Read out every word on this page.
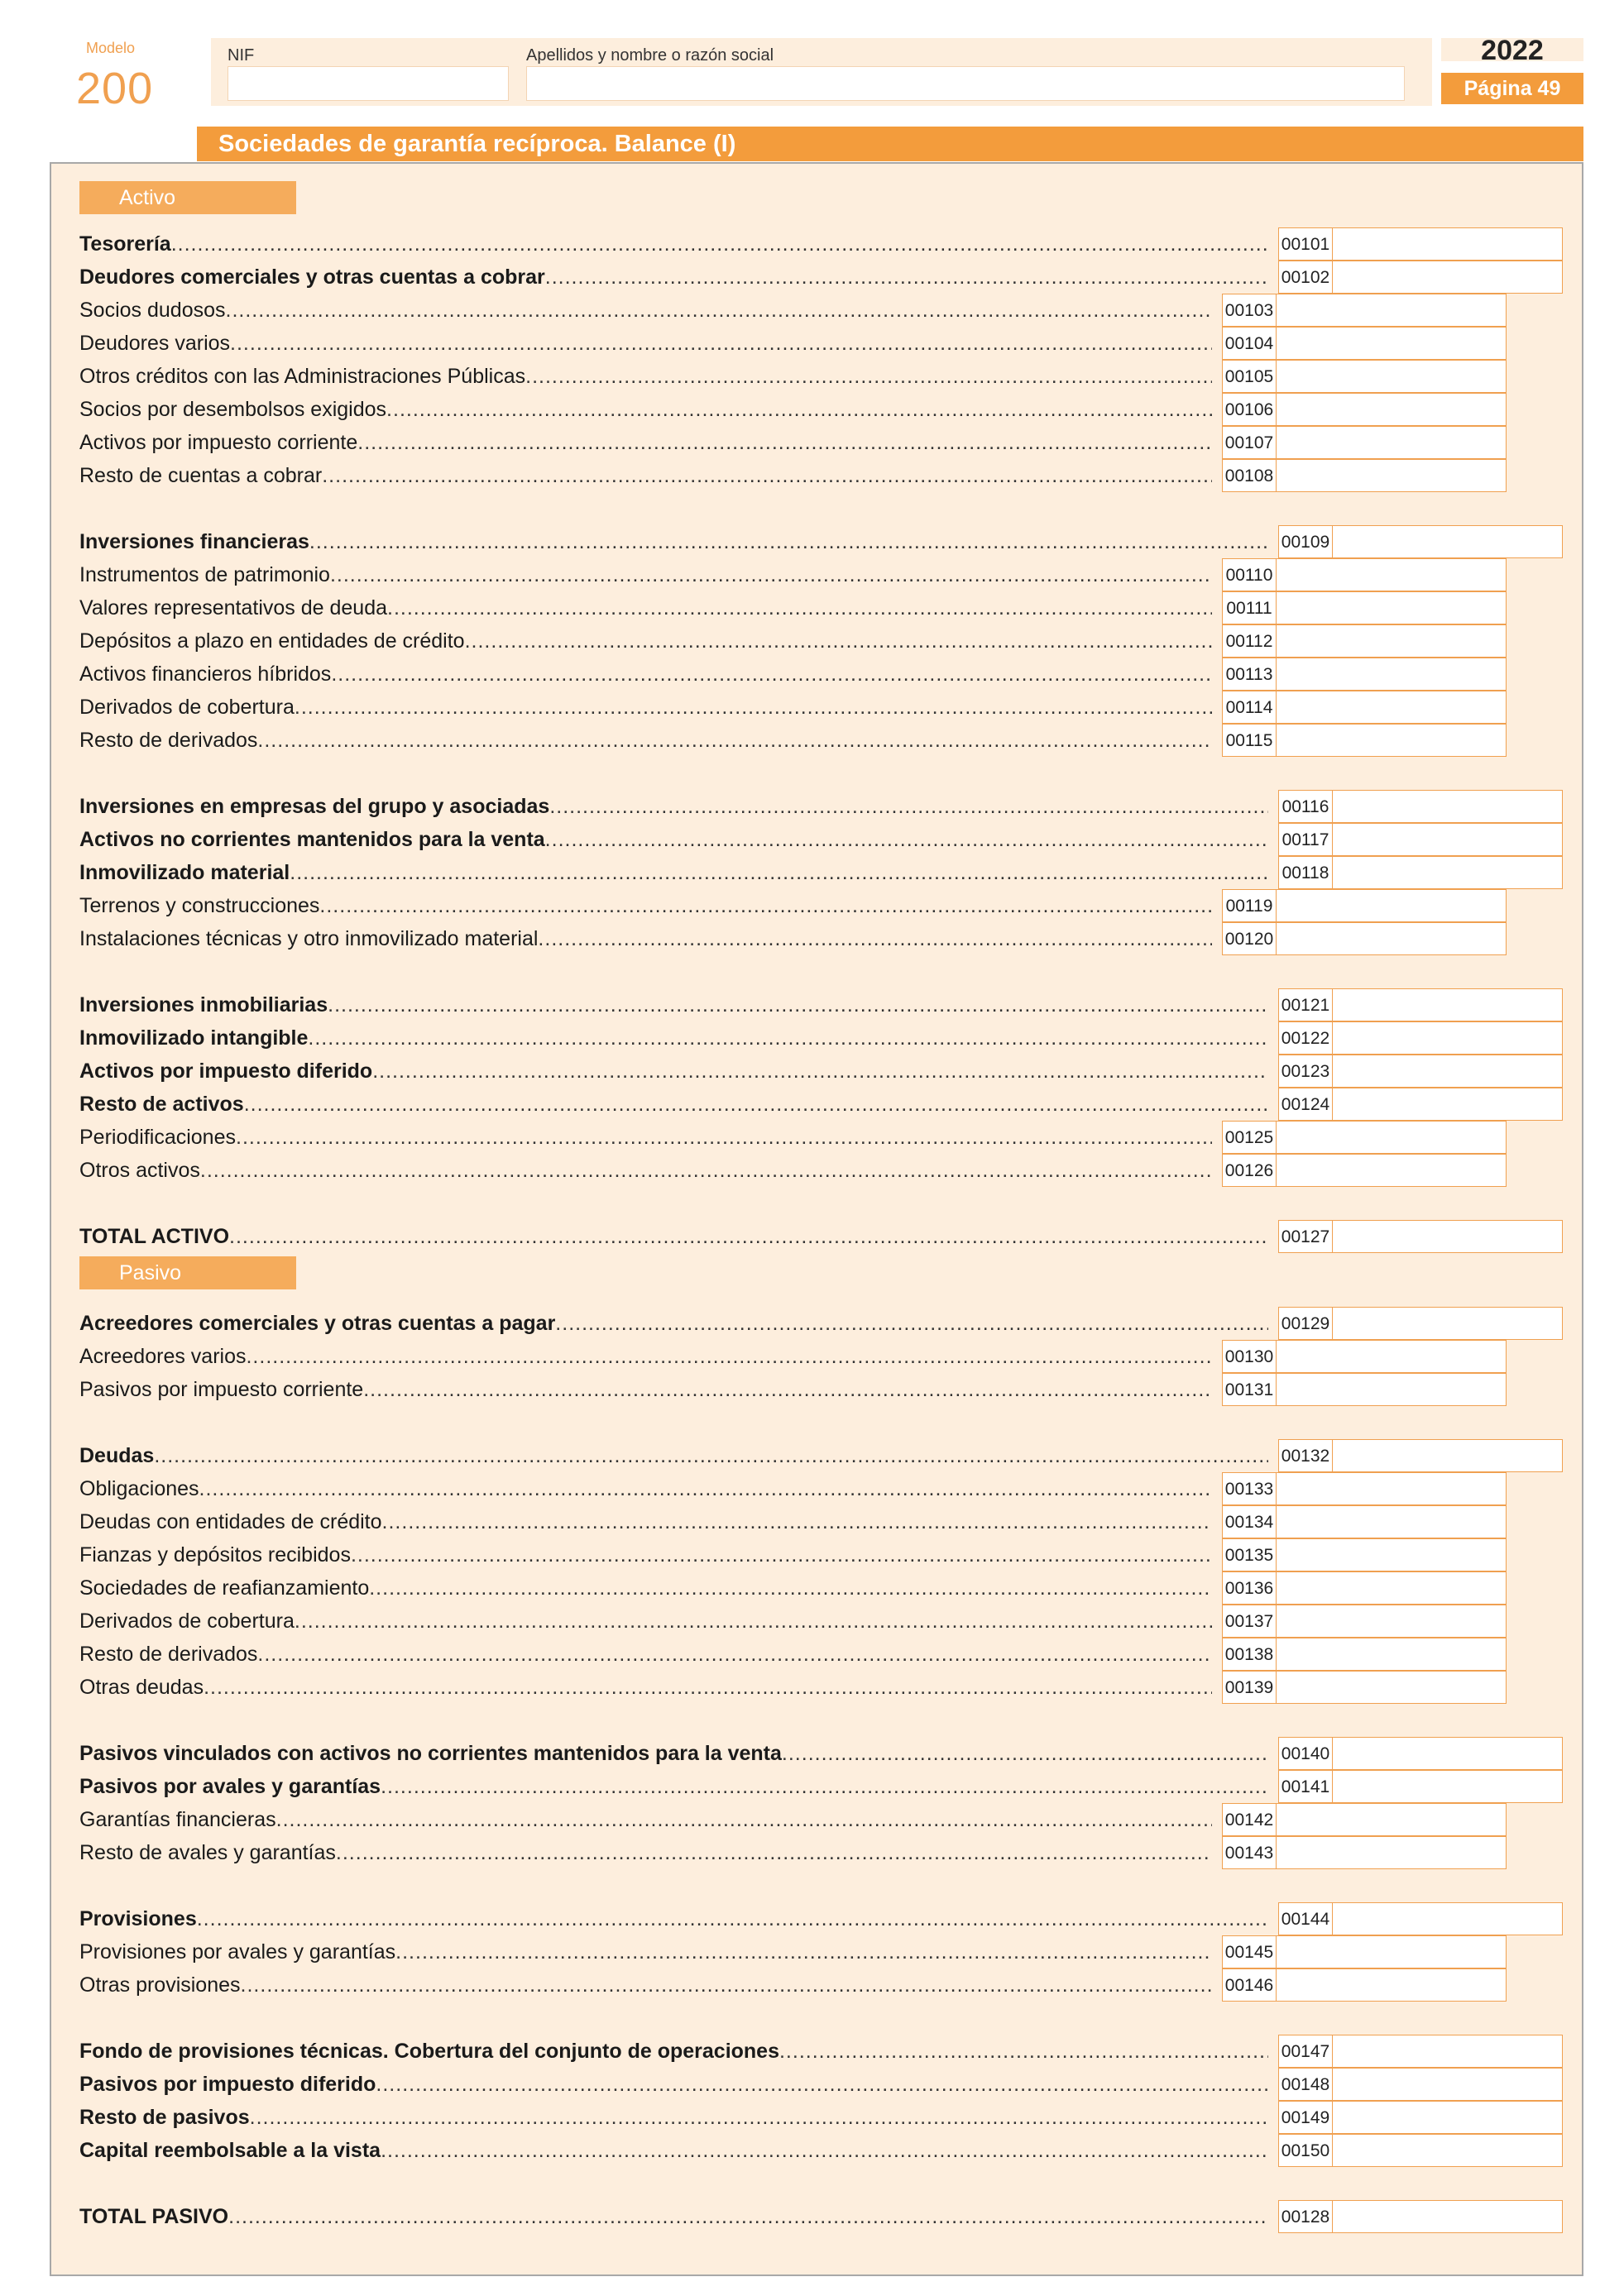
Modelo
200
NIF	Apellidos y nombre o razón social	2022
Página 49
Sociedades de garantía recíproca. Balance (I)
Activo
Tesorería .....	00101
Deudores comerciales y otras cuentas a cobrar .....	00102
Socios dudosos .....	00103
Deudores varios .....	00104
Otros créditos con las Administraciones Públicas .....	00105
Socios por desembolsos exigidos .....	00106
Activos por impuesto corriente .....	00107
Resto de cuentas a cobrar .....	00108
Inversiones financieras .....	00109
Instrumentos de patrimonio .....	00110
Valores representativos de deuda .....	00111
Depósitos a plazo en entidades de crédito .....	00112
Activos financieros híbridos .....	00113
Derivados de cobertura .....	00114
Resto de derivados .....	00115
Inversiones en empresas del grupo y asociadas .....	00116
Activos no corrientes mantenidos para la venta .....	00117
Inmovilizado material .....	00118
Terrenos y construcciones .....	00119
Instalaciones técnicas y otro inmovilizado material .....	00120
Inversiones inmobiliarias .....	00121
Inmovilizado intangible .....	00122
Activos por impuesto diferido .....	00123
Resto de activos .....	00124
Periodificaciones .....	00125
Otros activos .....	00126
TOTAL ACTIVO .....	00127
Pasivo
Acreedores comerciales y otras cuentas a pagar .....	00129
Acreedores varios .....	00130
Pasivos por impuesto corriente .....	00131
Deudas .....	00132
Obligaciones .....	00133
Deudas con entidades de crédito .....	00134
Fianzas y depósitos recibidos .....	00135
Sociedades de reafianzamiento .....	00136
Derivados de cobertura .....	00137
Resto de derivados .....	00138
Otras deudas .....	00139
Pasivos vinculados con activos no corrientes mantenidos para la venta .....	00140
Pasivos por avales y garantías .....	00141
Garantías financieras .....	00142
Resto de avales y garantías .....	00143
Provisiones .....	00144
Provisiones por avales y garantías .....	00145
Otras provisiones .....	00146
Fondo de provisiones técnicas. Cobertura del conjunto de operaciones .....	00147
Pasivos por impuesto diferido .....	00148
Resto de pasivos .....	00149
Capital reembolsable a la vista .....	00150
TOTAL PASIVO .....	00128
